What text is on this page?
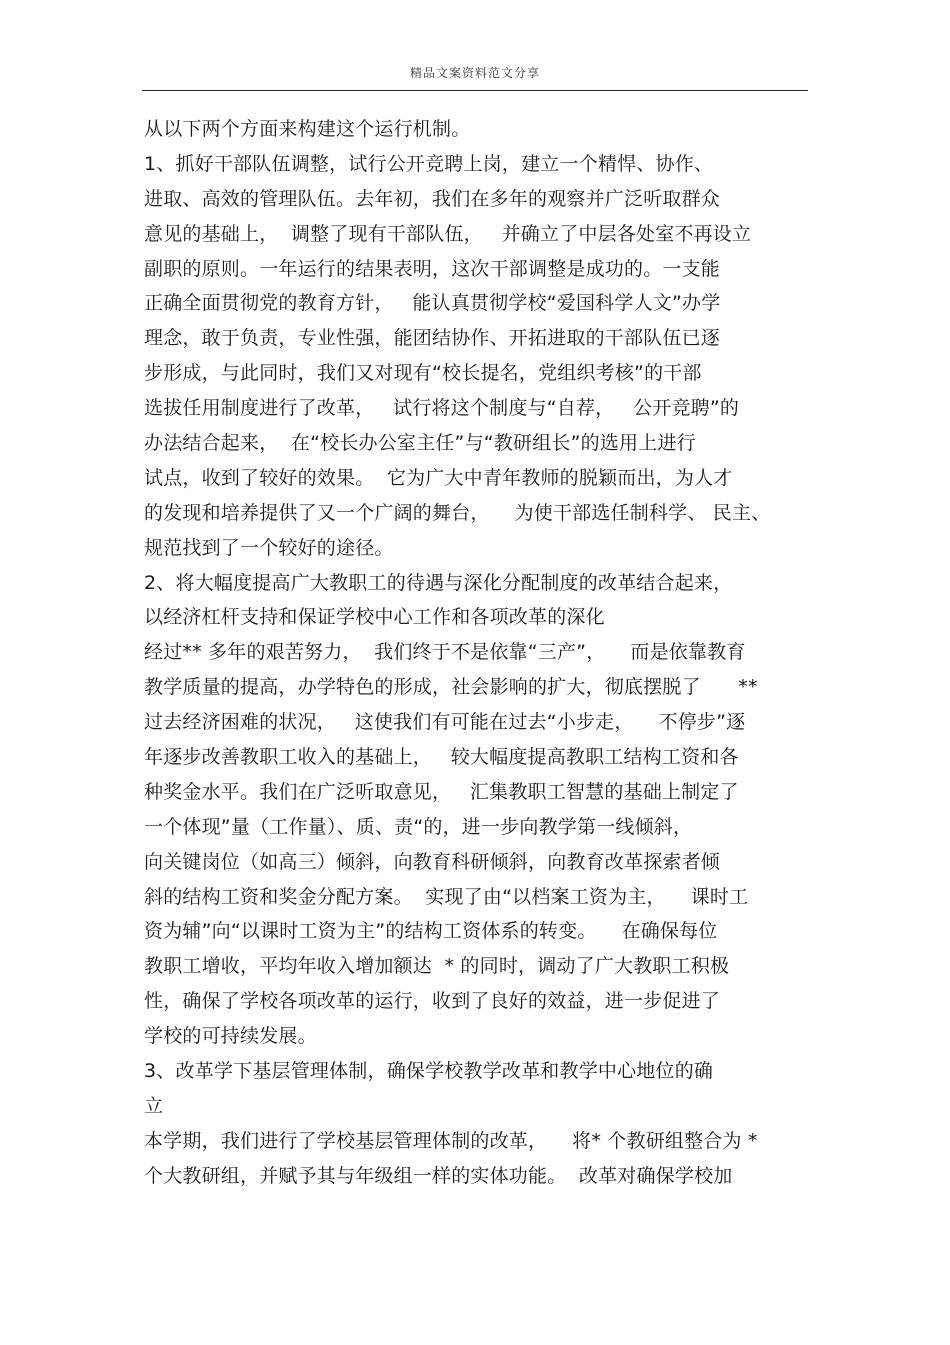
精品文案资料范文分享
从以下两个方面来构建这个运行机制。
1、抓好干部队伍调整，试行公开竞聘上岗，建立一个精悍、协作、
进取、高效的管理队伍。去年初，我们在多年的观察并广泛听取群众
意见的基础上，  调整了现有干部队伍，   并确立了中层各处室不再设立
副职的原则。一年运行的结果表明，这次干部调整是成功的。一支能
正确全面贯彻党的教育方针，   能认真贯彻学校“爱国科学人文”办学
理念，敢于负责，专业性强，能团结协作、开拓进取的干部队伍已逐
步形成，与此同时，我们又对现有“校长提名，党组织考核”的干部
选拔任用制度进行了改革，   试行将这个制度与“自荐，   公开竞聘”的
办法结合起来，  在“校长办公室主任”与“教研组长”的选用上进行
试点，收到了较好的效果。  它为广大中青年教师的脱颖而出，为人才
的发现和培养提供了又一个广阔的舞台，    为使干部选任制科学、 民主、
规范找到了一个较好的途径。
2、将大幅度提高广大教职工的待遇与深化分配制度的改革结合起来，
以经济杠杆支持和保证学校中心工作和各项改革的深化
经过** 多年的艰苦努力，  我们终于不是依靠“三产”，    而是依靠教育
教学质量的提高，办学特色的形成，社会影响的扩大，彻底摆脱了      **
过去经济困难的状况，   这使我们有可能在过去“小步走，    不停步”逐
年逐步改善教职工收入的基础上，   较大幅度提高教职工结构工资和各
种奖金水平。我们在广泛听取意见，   汇集教职工智慧的基础上制定了
一个体现”量（工作量）、质、责“的，进一步向教学第一线倾斜，
向关键岗位（如高三）倾斜，向教育科研倾斜，向教育改革探索者倾
斜的结构工资和奖金分配方案。  实现了由“以档案工资为主，    课时工
资为辅”向“以课时工资为主”的结构工资体系的转变。    在确保每位
教职工增收，平均年收入增加额达  * 的同时，调动了广大教职工积极
性，确保了学校各项改革的运行，收到了良好的效益，进一步促进了
学校的可持续发展。
3、改革学下基层管理体制，确保学校教学改革和教学中心地位的确
立
本学期，我们进行了学校基层管理体制的改革，    将* 个教研组整合为 *
个大教研组，并赋予其与年级组一样的实体功能。  改革对确保学校加
